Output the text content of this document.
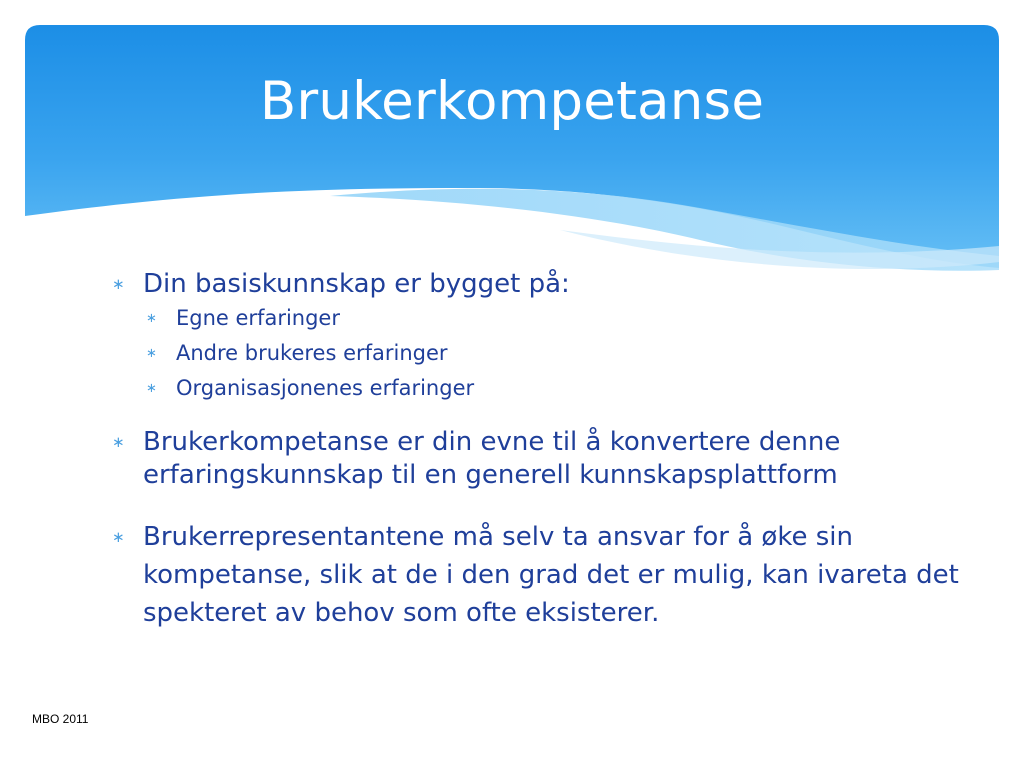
Brukerkompetanse
∗ Din basiskunnskap er bygget på:
∗ Egne erfaringer
∗ Andre brukeres erfaringer
∗ Organisasjonenes erfaringer
∗ Brukerkompetanse er din evne til å konvertere denne erfaringskunnskap til en generell kunnskapsplattform
∗ Brukerrepresentantene må selv ta ansvar for å øke sin kompetanse, slik at de i den grad det er mulig, kan ivareta det spekteret av behov som ofte eksisterer.
MBO 2011
